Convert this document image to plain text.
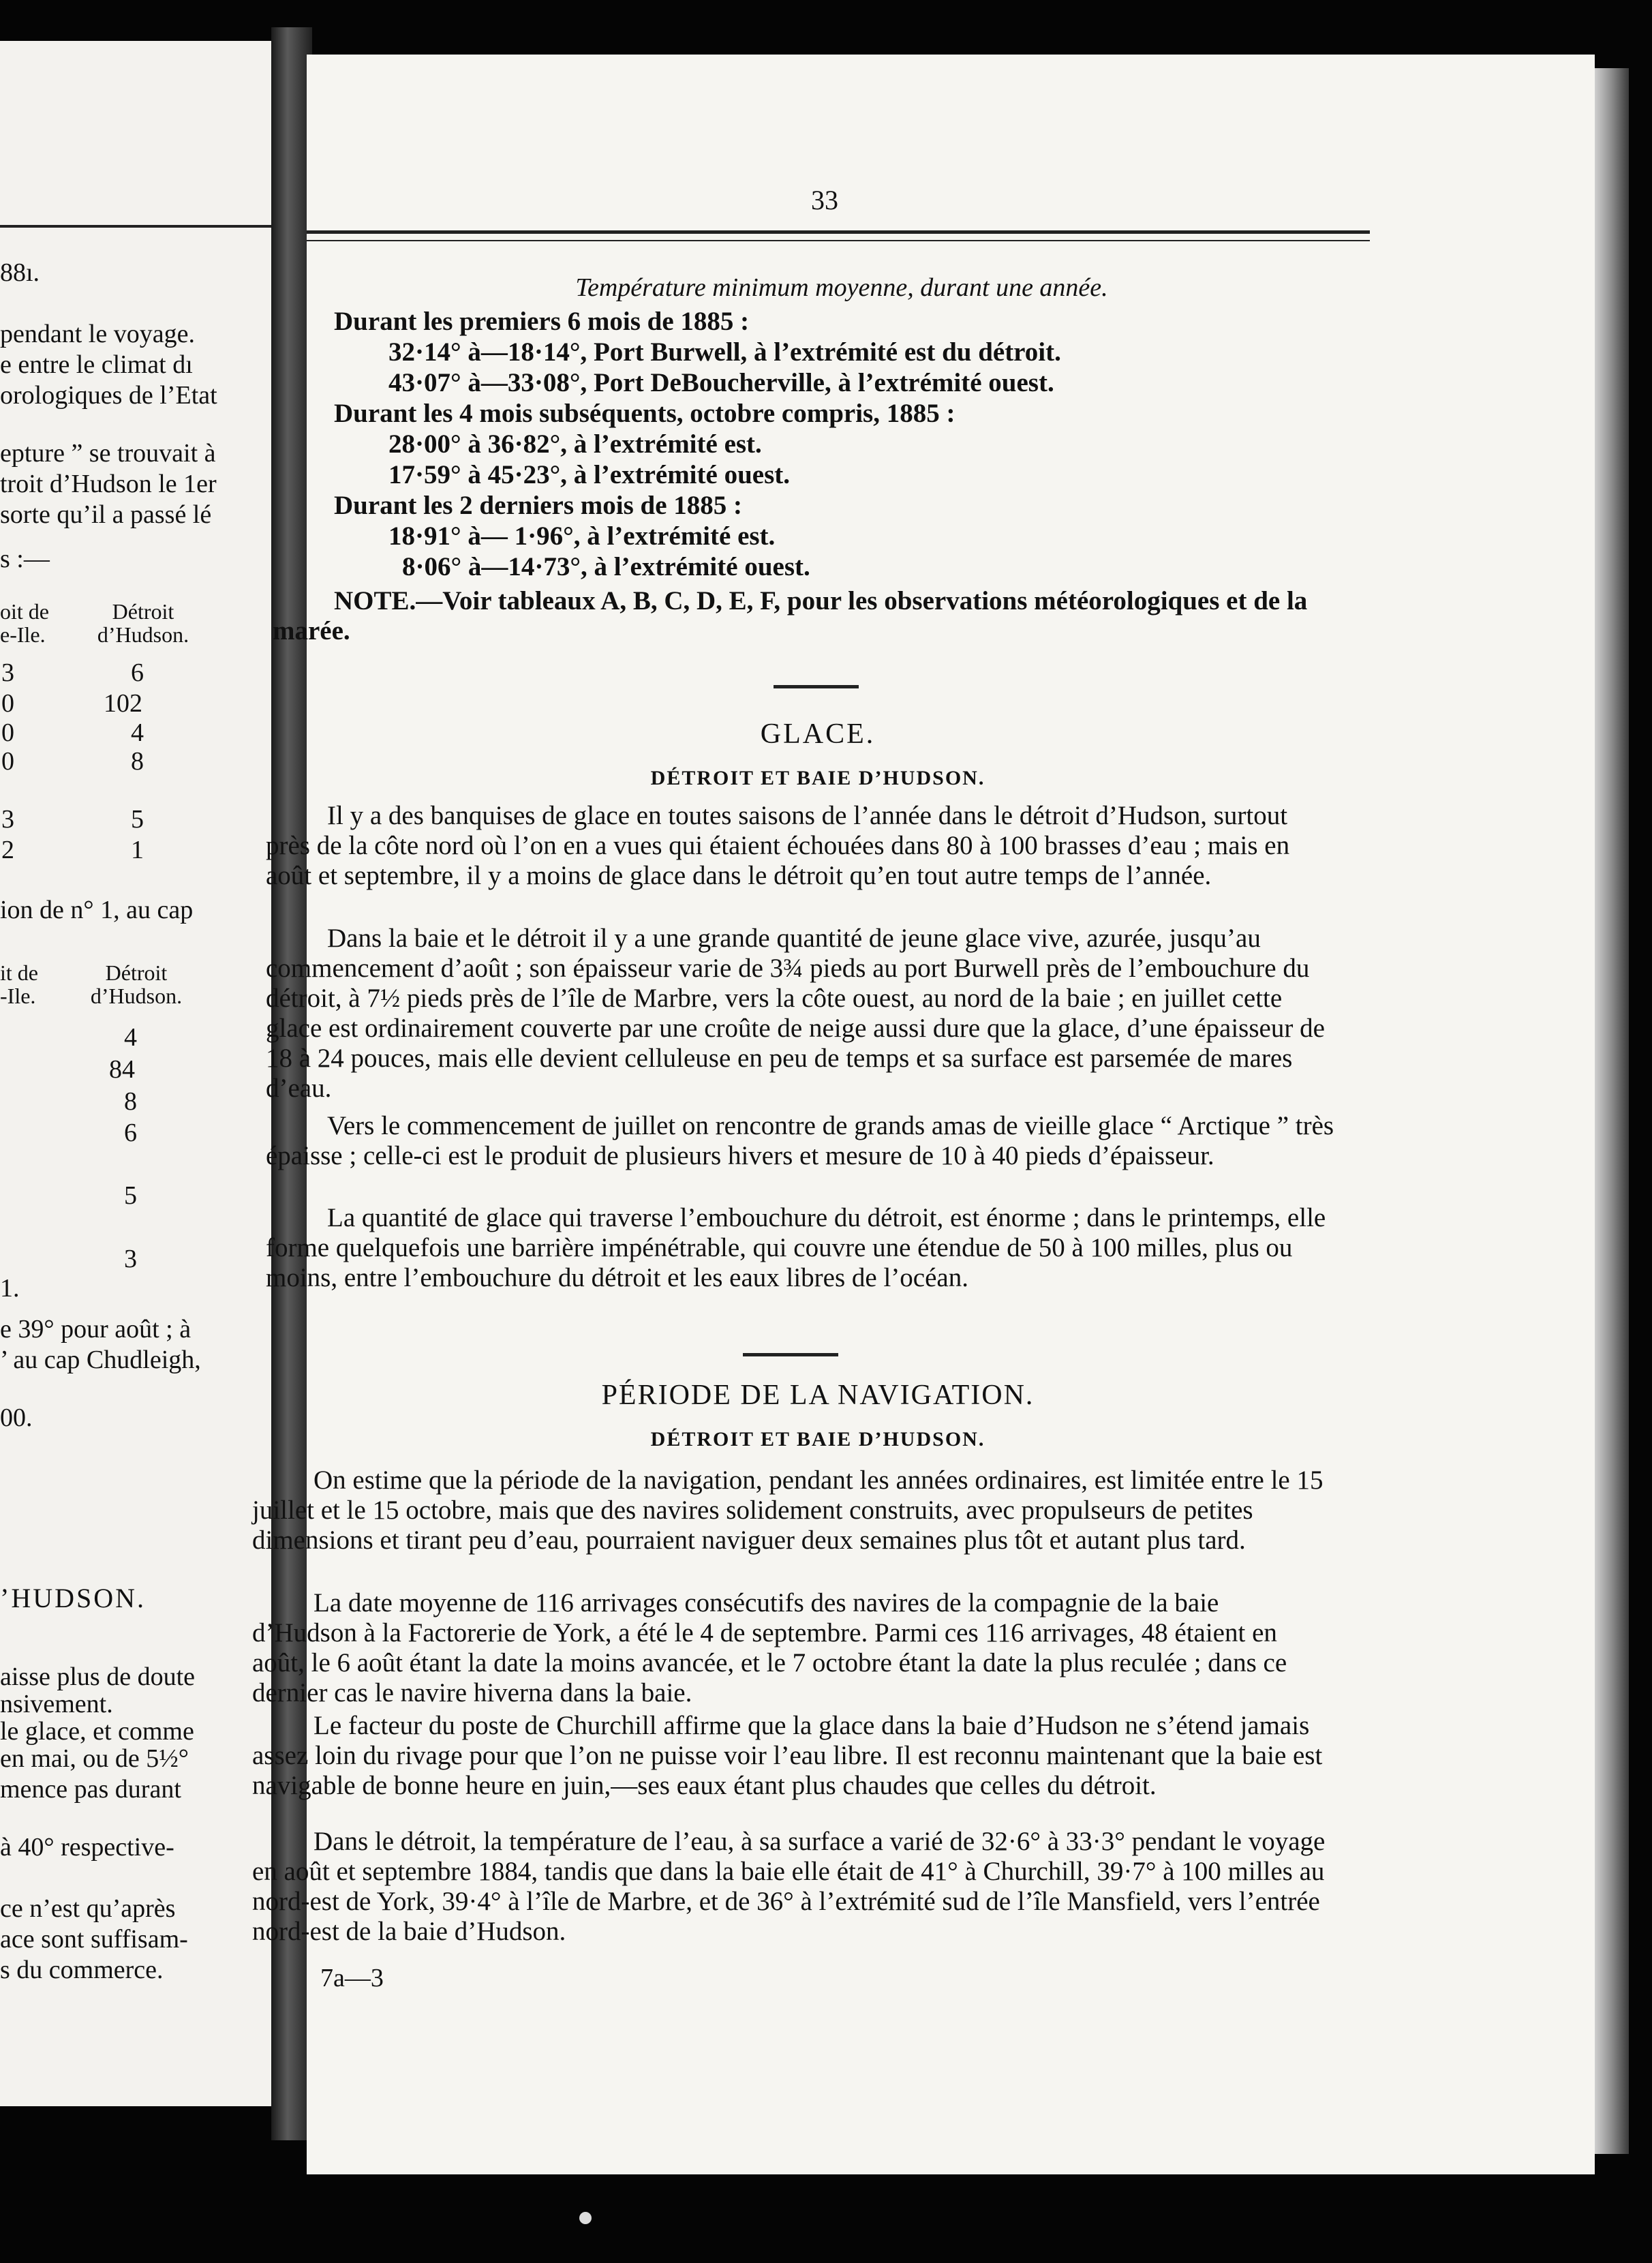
88ı.
pendant le voyage.
e entre le climat dı
orologiques de l’Etat
epture ” se trouvait à
troit d’Hudson le 1er
sorte qu’il a passé lé
s :—
oit de
e-Ile.
Détroit
d’Hudson.
3
0
0
0
3
2
6
102
4
8
5
1
ion de n° 1, au cap
it de
-Ile.
Détroit
d’Hudson.
4
84
8
6
5
3
1.
e 39° pour août ; à
’ au cap Chudleigh,
00.
’HUDSON.
aisse plus de doute
nsivement.
le glace, et comme
en mai, ou de 5½°
mence pas durant
à 40° respective-
ce n’est qu’après
ace sont suffisam-
s du commerce.
33
Température minimum moyenne, durant une année.
Durant les premiers 6 mois de 1885 :
32·14° à—18·14°, Port Burwell, à l’extrémité est du détroit.
43·07° à—33·08°, Port DeBoucherville, à l’extrémité ouest.
Durant les 4 mois subséquents, octobre compris, 1885 :
28·00° à 36·82°, à l’extrémité est.
17·59° à 45·23°, à l’extrémité ouest.
Durant les 2 derniers mois de 1885 :
18·91° à— 1·96°, à l’extrémité est.
8·06° à—14·73°, à l’extrémité ouest.
NOTE.—Voir tableaux A, B, C, D, E, F, pour les observations météorologiques et de la marée.
GLACE.
DÉTROIT ET BAIE D’HUDSON.
Il y a des banquises de glace en toutes saisons de l’année dans le détroit d’Hudson, surtout près de la côte nord où l’on en a vues qui étaient échouées dans 80 à 100 brasses d’eau ; mais en août et septembre, il y a moins de glace dans le détroit qu’en tout autre temps de l’année.
Dans la baie et le détroit il y a une grande quantité de jeune glace vive, azurée, jusqu’au commencement d’août ; son épaisseur varie de 3¾ pieds au port Burwell près de l’embouchure du détroit, à 7½ pieds près de l’île de Marbre, vers la côte ouest, au nord de la baie ; en juillet cette glace est ordinairement couverte par une croûte de neige aussi dure que la glace, d’une épaisseur de 18 à 24 pouces, mais elle devient celluleuse en peu de temps et sa surface est parsemée de mares d’eau.
Vers le commencement de juillet on rencontre de grands amas de vieille glace “ Arctique ” très épaisse ; celle-ci est le produit de plusieurs hivers et mesure de 10 à 40 pieds d’épaisseur.
La quantité de glace qui traverse l’embouchure du détroit, est énorme ; dans le printemps, elle forme quelquefois une barrière impénétrable, qui couvre une étendue de 50 à 100 milles, plus ou moins, entre l’embouchure du détroit et les eaux libres de l’océan.
PÉRIODE DE LA NAVIGATION.
DÉTROIT ET BAIE D’HUDSON.
On estime que la période de la navigation, pendant les années ordinaires, est limitée entre le 15 juillet et le 15 octobre, mais que des navires solidement construits, avec propulseurs de petites dimensions et tirant peu d’eau, pourraient naviguer deux semaines plus tôt et autant plus tard.
La date moyenne de 116 arrivages consécutifs des navires de la compagnie de la baie d’Hudson à la Factorerie de York, a été le 4 de septembre. Parmi ces 116 arrivages, 48 étaient en août, le 6 août étant la date la moins avancée, et le 7 octobre étant la date la plus reculée ; dans ce dernier cas le navire hiverna dans la baie.
Le facteur du poste de Churchill affirme que la glace dans la baie d’Hudson ne s’étend jamais assez loin du rivage pour que l’on ne puisse voir l’eau libre. Il est reconnu maintenant que la baie est navigable de bonne heure en juin,—ses eaux étant plus chaudes que celles du détroit.
Dans le détroit, la température de l’eau, à sa surface a varié de 32·6° à 33·3° pendant le voyage en août et septembre 1884, tandis que dans la baie elle était de 41° à Churchill, 39·7° à 100 milles au nord-est de York, 39·4° à l’île de Marbre, et de 36° à l’extrémité sud de l’île Mansfield, vers l’entrée nord-est de la baie d’Hudson.
7a—3
